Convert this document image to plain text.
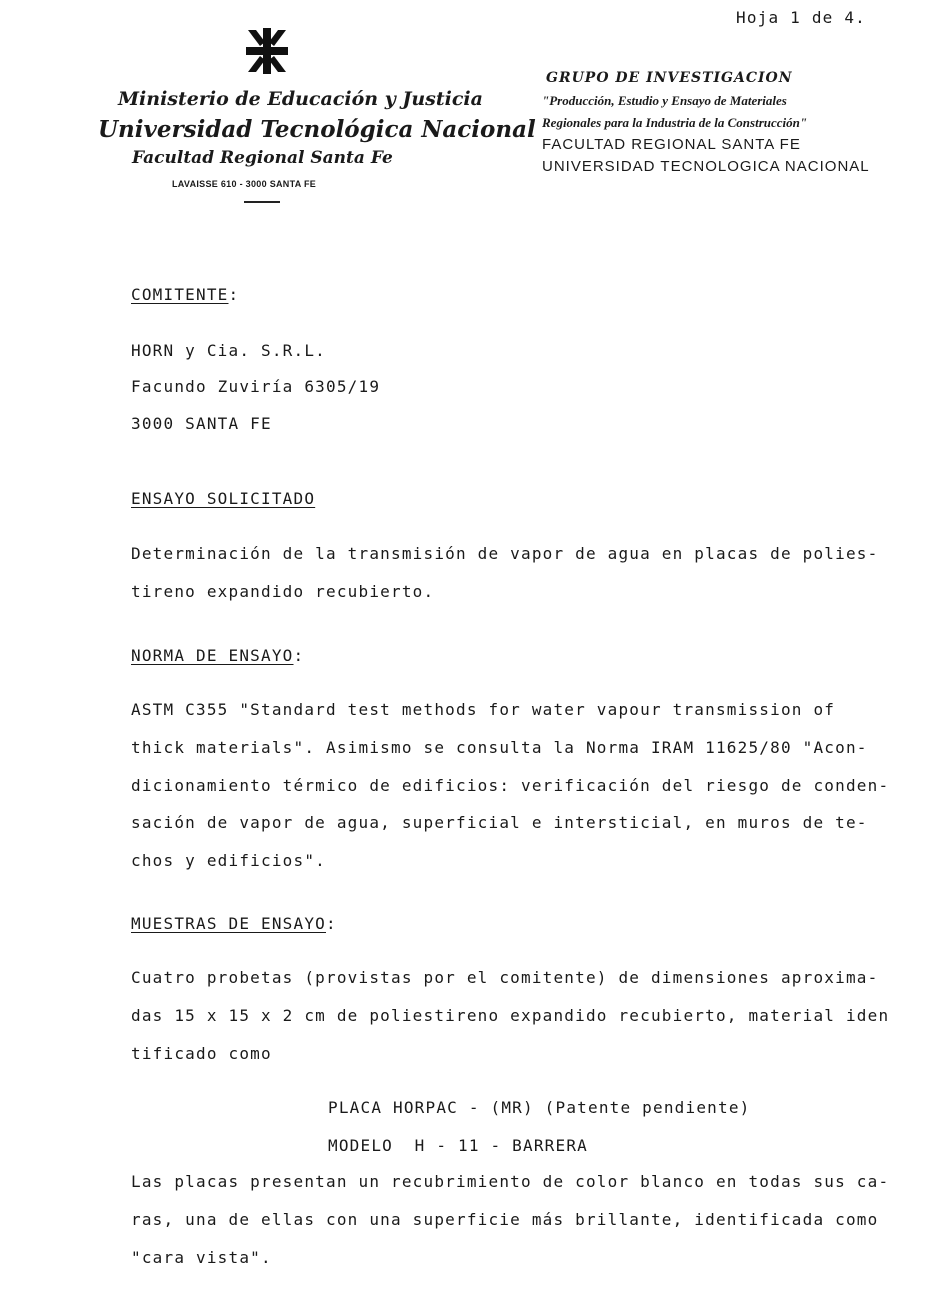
Hoja 1 de 4.
Ministerio de Educación y Justicia
Universidad Tecnológica Nacional
Facultad Regional Santa Fe
LAVAISSE 610 - 3000 SANTA FE
GRUPO DE INVESTIGACION
"Producción, Estudio y Ensayo de Materiales
Regionales para la Industria de la Construcción"
FACULTAD REGIONAL SANTA FE
UNIVERSIDAD TECNOLOGICA NACIONAL
COMITENTE:
HORN y Cia. S.R.L.
Facundo Zuviría 6305/19
3000 SANTA FE
ENSAYO SOLICITADO
Determinación de la transmisión de vapor de agua en placas de polies-
tireno expandido recubierto.
NORMA DE ENSAYO:
ASTM C355 "Standard test methods for water vapour transmission of
thick materials". Asimismo se consulta la Norma IRAM 11625/80 "Acon-
dicionamiento térmico de edificios: verificación del riesgo de conden-
sación de vapor de agua, superficial e intersticial, en muros de te-
chos y edificios".
MUESTRAS DE ENSAYO:
Cuatro probetas (provistas por el comitente) de dimensiones aproxima-
das 15 x 15 x 2 cm de poliestireno expandido recubierto, material iden
tificado como
PLACA HORPAC - (MR) (Patente pendiente)
MODELO  H - 11 - BARRERA
Las placas presentan un recubrimiento de color blanco en todas sus ca-
ras, una de ellas con una superficie más brillante, identificada como
"cara vista".
